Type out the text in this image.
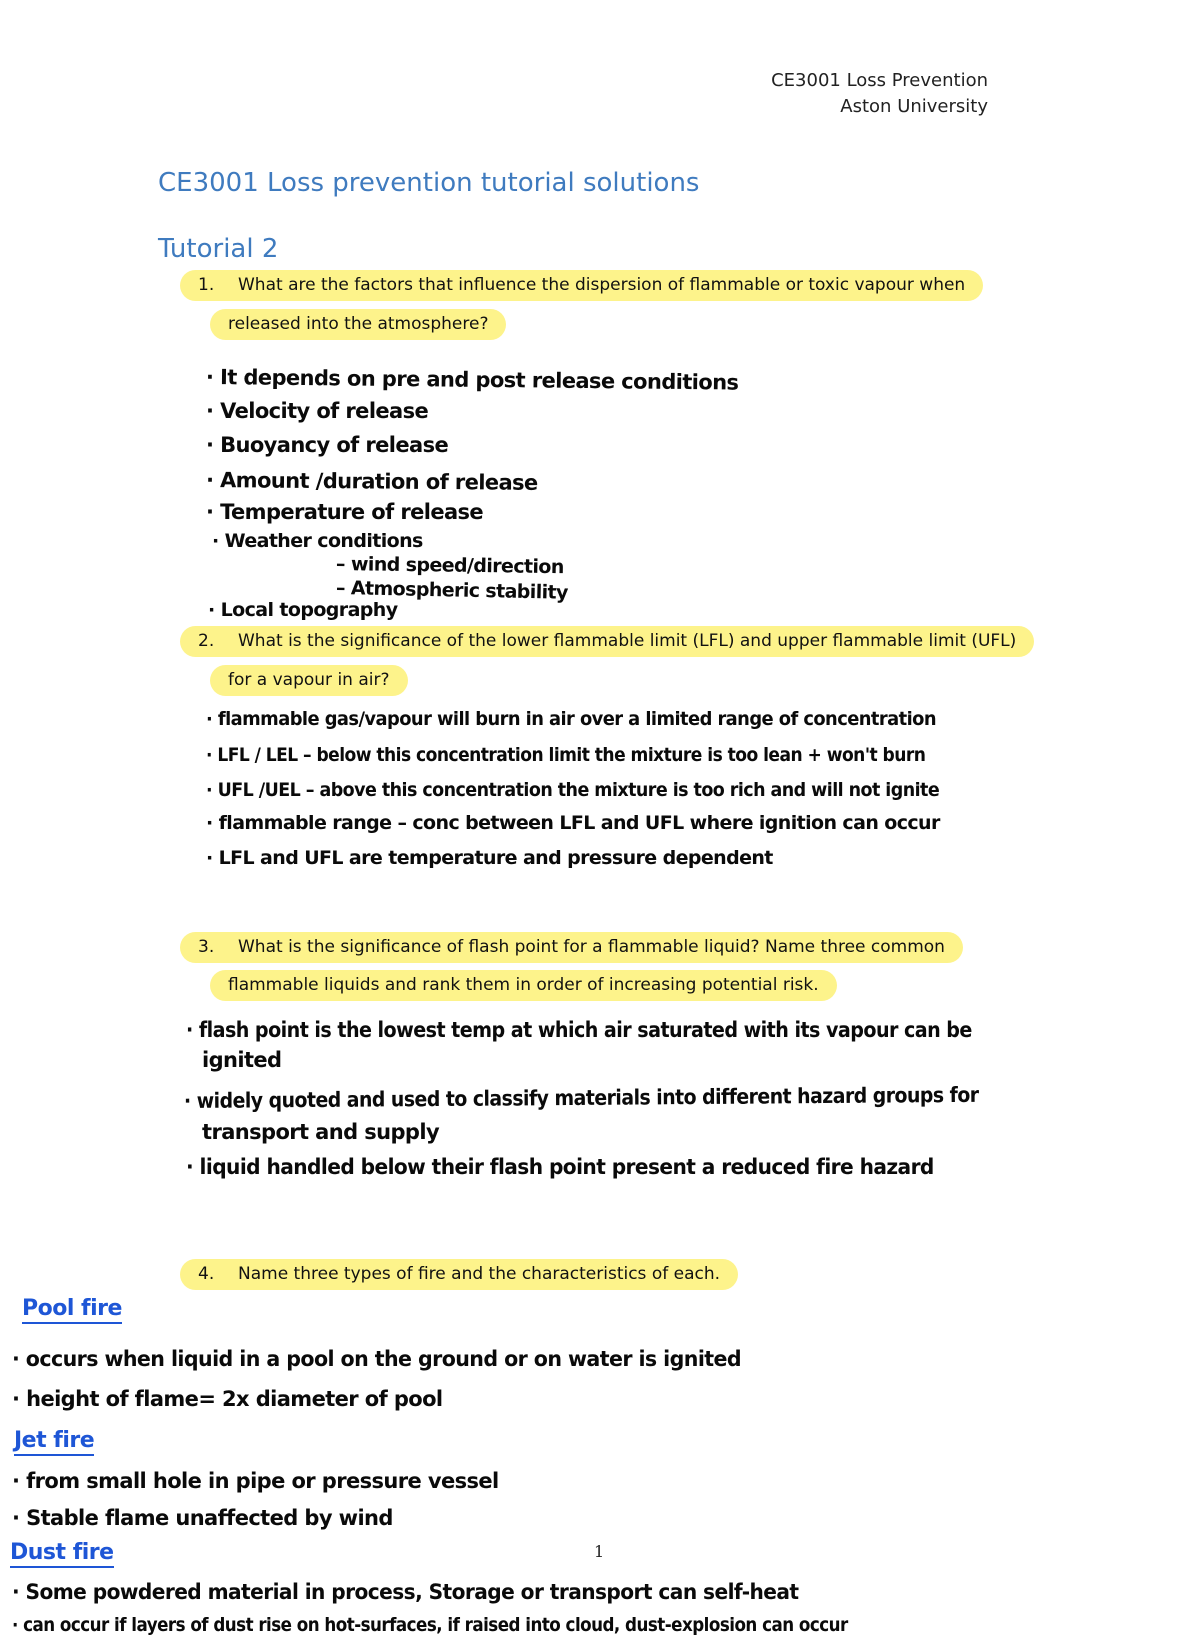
CE3001 Loss Prevention
Aston University
CE3001 Loss prevention tutorial solutions
Tutorial 2
1. What are the factors that influence the dispersion of flammable or toxic vapour when
released into the atmosphere?
· It depends on pre and post release conditions
· Velocity of release
· Buoyancy of release
· Amount /duration of release
· Temperature of release
· Weather conditions
– wind speed/direction
– Atmospheric stability
· Local topography
2. What is the significance of the lower flammable limit (LFL) and upper flammable limit (UFL)
for a vapour in air?
· flammable gas/vapour will burn in air over a limited range of concentration
· LFL / LEL – below this concentration limit the mixture is too lean + won't burn
· UFL /UEL – above this concentration the mixture is too rich and will not ignite
· flammable range – conc between LFL and UFL where ignition can occur
· LFL and UFL are temperature and pressure dependent
3. What is the significance of flash point for a flammable liquid? Name three common
flammable liquids and rank them in order of increasing potential risk.
· flash point is the lowest temp at which air saturated with its vapour can be
ignited
· widely quoted and used to classify materials into different hazard groups for
transport and supply
· liquid handled below their flash point present a reduced fire hazard
4. Name three types of fire and the characteristics of each.
Pool fire
· occurs when liquid in a pool on the ground or on water is ignited
· height of flame= 2x diameter of pool
Jet fire
· from small hole in pipe or pressure vessel
· Stable flame unaffected by wind
Dust fire	1
· Some powdered material in process, Storage or transport can self-heat
· can occur if layers of dust rise on hot-surfaces, if raised into cloud, dust-explosion can occur
